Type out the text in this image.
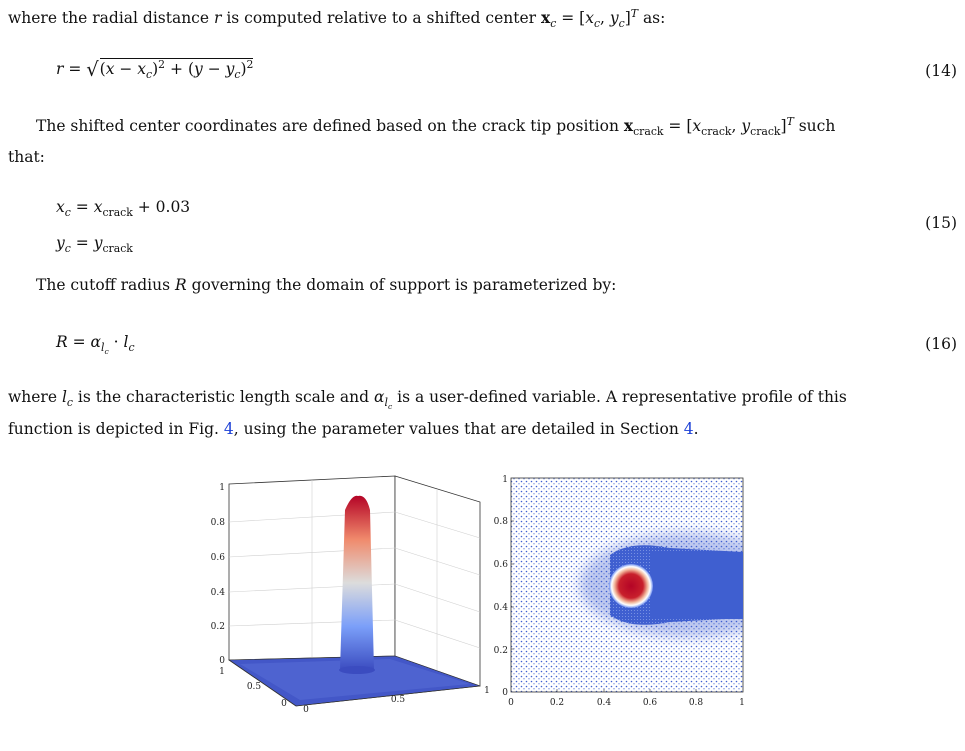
where the radial distance r is computed relative to a shifted center $x_c = [x_c$, $y_c]^T$ as:
$r = √(x - x_c)^2 + (y - y_c)^2$	(14)
The shifted center coordinates are defined based on the crack tip position $x_{crack} = [x_{crack}$, $y_{crack}]^T$ such
that:
$x_c = x_{crack} + 0.03$
$y_c = y_{crack}$
(15)
The cutoff radius R governing the domain of support is parameterized by:
$R = \alpha_{l_c} \cdot l_c$	(16)
where $l_c$ is the characteristic length scale and $\alpha_{l_c}$ is a user-defined variable. A representative profile of this
function is depicted in Fig. 4, using the parameter values that are detailed in Section 4.
0
0.2
0.4
0.6
0.8
1
1
0.5
0
0
0.5
1 0
0.2
0.4
0.6
0.8
1
0	0.2	0.4	0.6	0.8	1
